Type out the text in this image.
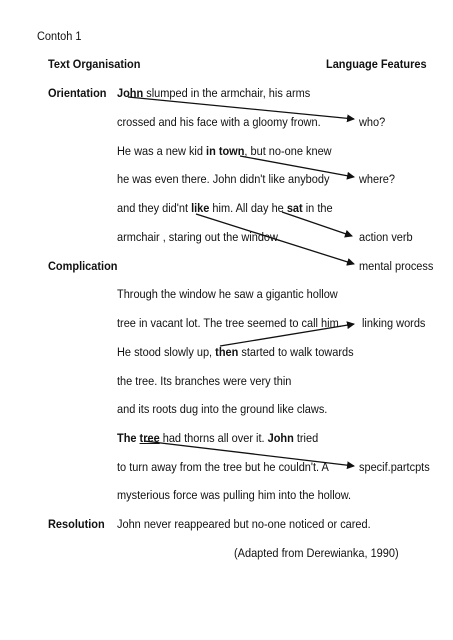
Contoh 1
Text Organisation	Language Features
Orientation John slumped in the armchair, his arms
crossed and his face with a gloomy frown.
He was a new kid in town, but no-one knew
he was even there. John didn't like anybody
and they did'nt like him. All day he sat in the
armchair , staring out the window.
who?
where?
action verb
mental process
Complication
Through the window he saw a gigantic hollow
tree in vacant lot. The tree seemed to call him. linking words
He stood slowly up, then started to walk towards
the tree. Its branches were very thin
and its roots dug into the ground like claws.
The tree had thorns all over it. John tried
to turn away from the tree but he couldn't. A specif.partcpts
mysterious force was pulling him into the hollow.
Resolution John never reappeared but no-one noticed or cared.
(Adapted from Derewianka, 1990)
